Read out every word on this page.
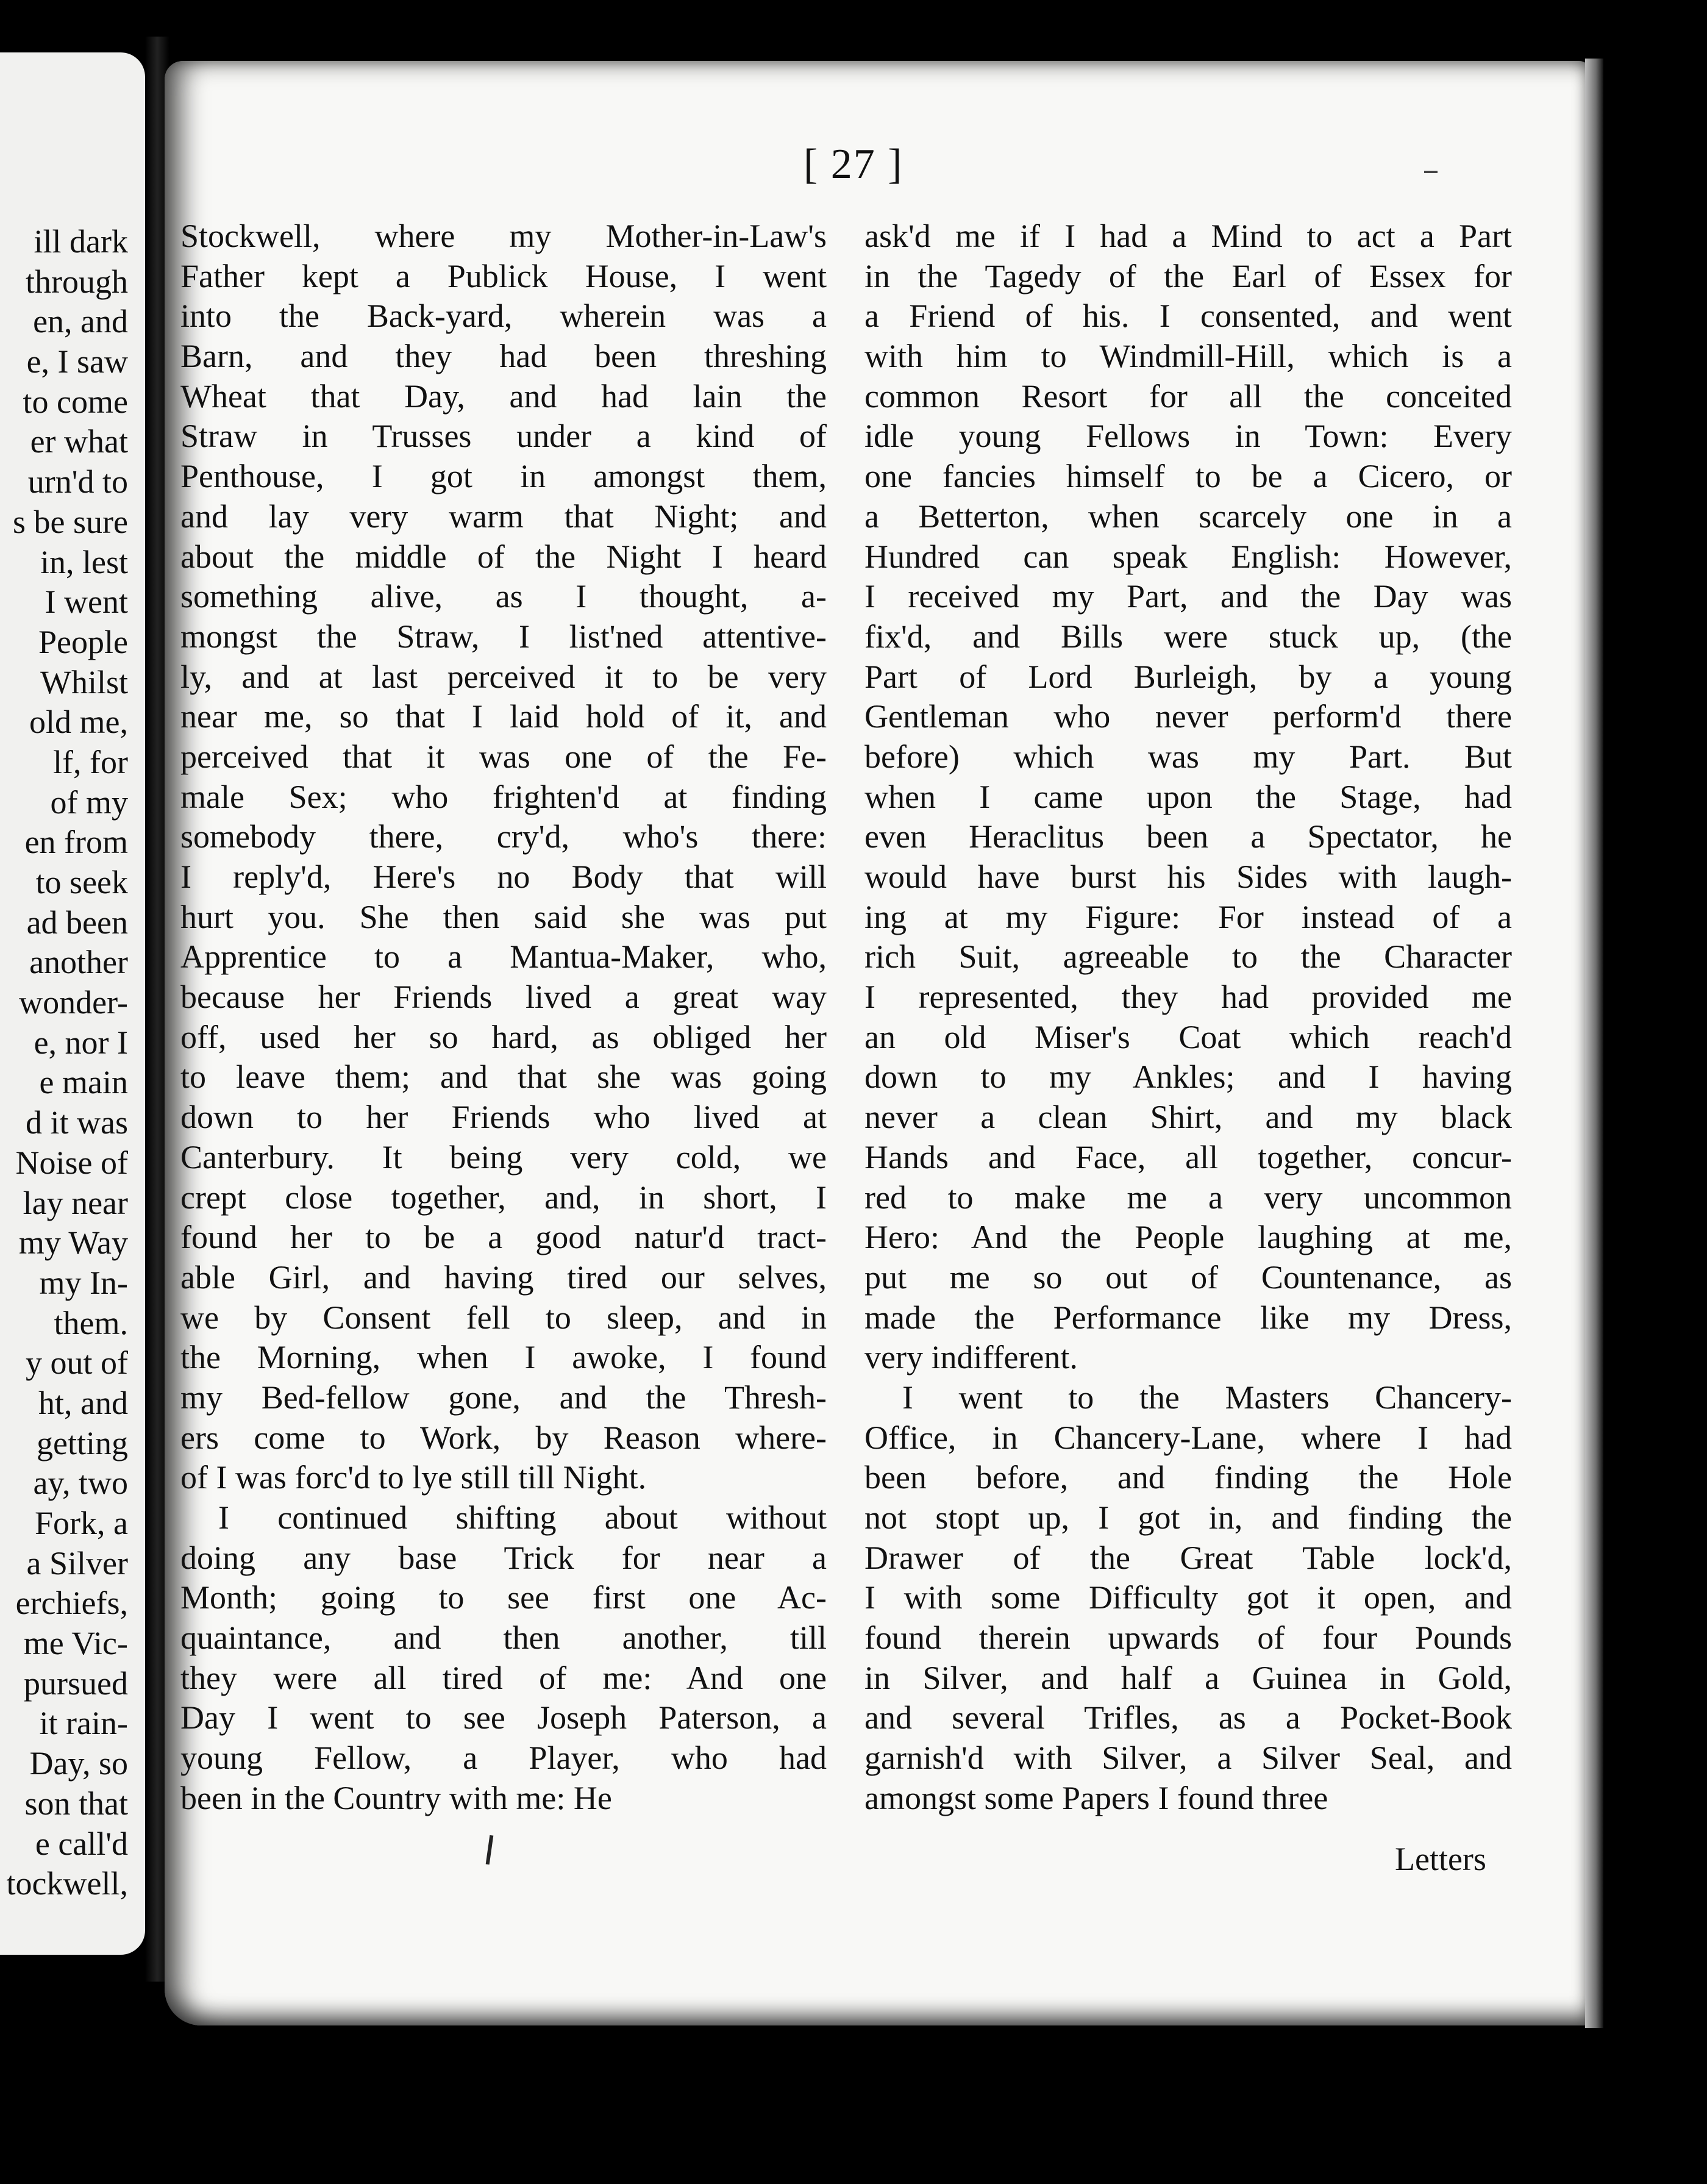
ill dark
through
en, and
e, I saw
to come
er what
urn'd to
s be sure
in, lest
I went
People
Whilst
old me,
lf, for
of my
en from
to seek
ad been
another
wonder-
e, nor I
e main
d it was
Noise of
lay near
my Way
my In-
them.
y out of
ht, and
getting
ay, two
Fork, a
a Silver
erchiefs,
me Vic-
pursued
it rain-
Day, so
son that
e call'd
tockwell,
[ 27 ]
Stockwell, where my Mother-in-Law's
Father kept a Publick House, I went
into the Back-yard, wherein was a
Barn, and they had been threshing
Wheat that Day, and had lain the
Straw in Trusses under a kind of
Penthouse, I got in amongst them,
and lay very warm that Night; and
about the middle of the Night I heard
something alive, as I thought, a-
mongst the Straw, I list'ned attentive-
ly, and at last perceived it to be very
near me, so that I laid hold of it, and
perceived that it was one of the Fe-
male Sex; who frighten'd at finding
somebody there, cry'd, who's there:
I reply'd, Here's no Body that will
hurt you. She then said she was put
Apprentice to a Mantua-Maker, who,
because her Friends lived a great way
off, used her so hard, as obliged her
to leave them; and that she was going
down to her Friends who lived at
Canterbury. It being very cold, we
crept close together, and, in short, I
found her to be a good natur'd tract-
able Girl, and having tired our selves,
we by Consent fell to sleep, and in
the Morning, when I awoke, I found
my Bed-fellow gone, and the Thresh-
ers come to Work, by Reason where-
of I was forc'd to lye still till Night.
I continued shifting about without
doing any base Trick for near a
Month; going to see first one Ac-
quaintance, and then another, till
they were all tired of me: And one
Day I went to see Joseph Paterson, a
young Fellow, a Player, who had
been in the Country with me: He
ask'd me if I had a Mind to act a Part
in the Tagedy of the Earl of Essex for
a Friend of his. I consented, and went
with him to Windmill-Hill, which is a
common Resort for all the conceited
idle young Fellows in Town: Every
one fancies himself to be a Cicero, or
a Betterton, when scarcely one in a
Hundred can speak English: However,
I received my Part, and the Day was
fix'd, and Bills were stuck up, (the
Part of Lord Burleigh, by a young
Gentleman who never perform'd there
before) which was my Part. But
when I came upon the Stage, had
even Heraclitus been a Spectator, he
would have burst his Sides with laugh-
ing at my Figure: For instead of a
rich Suit, agreeable to the Character
I represented, they had provided me
an old Miser's Coat which reach'd
down to my Ankles; and I having
never a clean Shirt, and my black
Hands and Face, all together, concur-
red to make me a very uncommon
Hero: And the People laughing at me,
put me so out of Countenance, as
made the Performance like my Dress,
very indifferent.
I went to the Masters Chancery-
Office, in Chancery-Lane, where I had
been before, and finding the Hole
not stopt up, I got in, and finding the
Drawer of the Great Table lock'd,
I with some Difficulty got it open, and
found therein upwards of four Pounds
in Silver, and half a Guinea in Gold,
and several Trifles, as a Pocket-Book
garnish'd with Silver, a Silver Seal, and
amongst some Papers I found three
Letters
